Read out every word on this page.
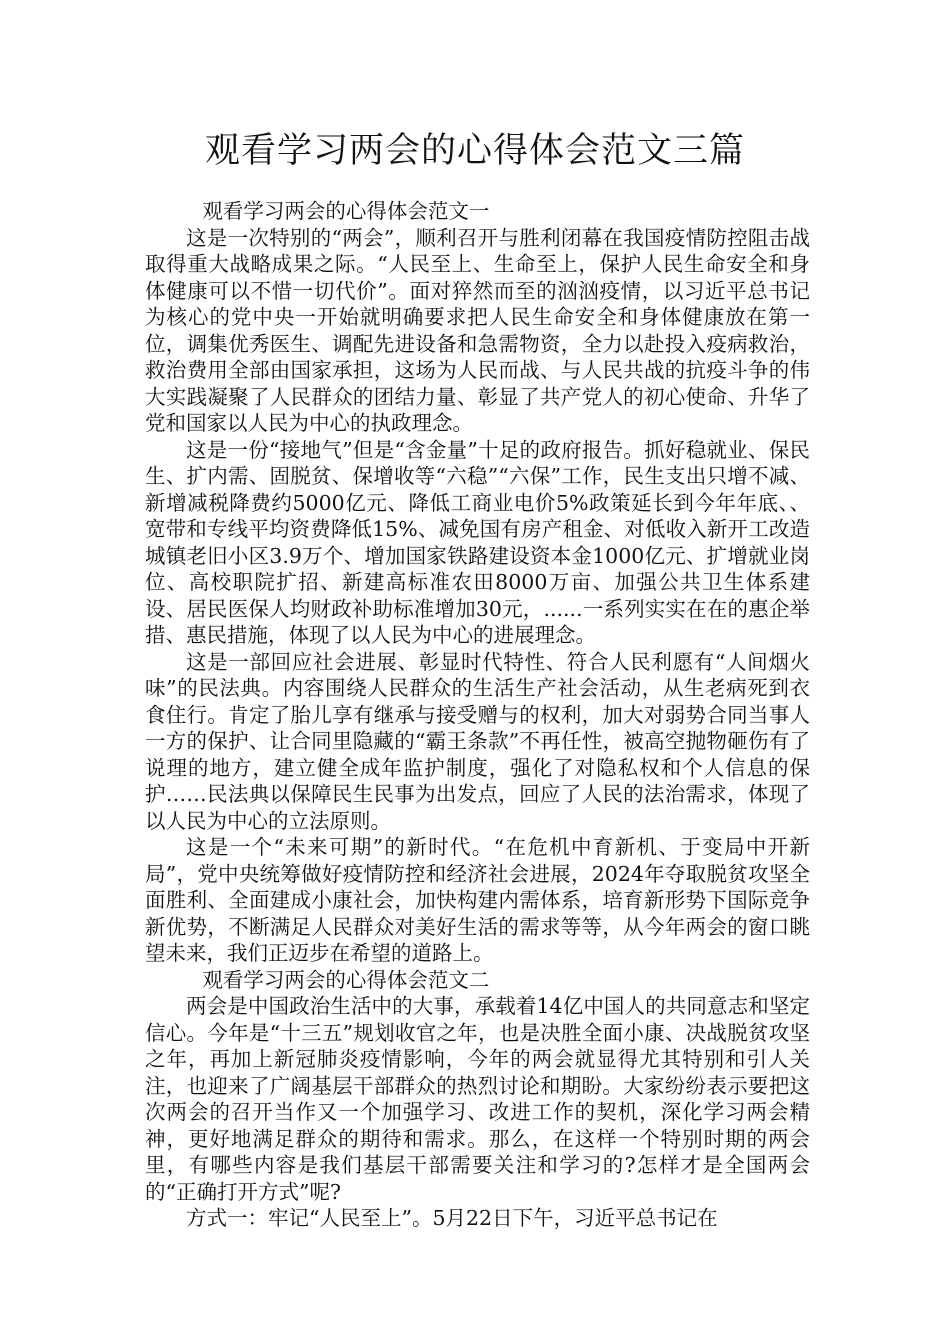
观看学习两会的心得体会范文三篇

观看学习两会的心得体会范文一

这是一次特别的“两会”，顺利召开与胜利闭幕在我国疫情防控阻击战取得重大战略成果之际。“人民至上、生命至上，保护人民生命安全和身体健康可以不惜一切代价”。面对猝然而至的汹汹疫情，以习近平总书记为核心的党中央一开始就明确要求把人民生命安全和身体健康放在第一位，调集优秀医生、调配先进设备和急需物资，全力以赴投入疫病救治，救治费用全部由国家承担，这场为人民而战、与人民共战的抗疫斗争的伟大实践凝聚了人民群众的团结力量、彰显了共产党人的初心使命、升华了党和国家以人民为中心的执政理念。

这是一份“接地气”但是“含金量”十足的政府报告。抓好稳就业、保民生、扩内需、固脱贫、保增收等“六稳”“六保”工作，民生支出只增不减、新增减税降费约5000亿元、降低工商业电价5%政策延长到今年年底、、宽带和专线平均资费降低15%、减免国有房产租金、对低收入新开工改造城镇老旧小区3.9万个、增加国家铁路建设资本金1000亿元、扩增就业岗位、高校职院扩招、新建高标准农田8000万亩、加强公共卫生体系建设、居民医保人均财政补助标准增加30元，......一系列实实在在的惠企举措、惠民措施，体现了以人民为中心的进展理念。

这是一部回应社会进展、彰显时代特性、符合人民利愿有“人间烟火味”的民法典。内容围绕人民群众的生活生产社会活动，从生老病死到衣食住行。肯定了胎儿享有继承与接受赠与的权利，加大对弱势合同当事人一方的保护、让合同里隐藏的“霸王条款”不再任性，被高空抛物砸伤有了说理的地方，建立健全成年监护制度，强化了对隐私权和个人信息的保护……民法典以保障民生民事为出发点，回应了人民的法治需求，体现了以人民为中心的立法原则。

这是一个“未来可期”的新时代。“在危机中育新机、于变局中开新局”，党中央统筹做好疫情防控和经济社会进展，2024年夺取脱贫攻坚全面胜利、全面建成小康社会，加快构建内需体系，培育新形势下国际竞争新优势，不断满足人民群众对美好生活的需求等等，从今年两会的窗口眺望未来，我们正迈步在希望的道路上。

观看学习两会的心得体会范文二

两会是中国政治生活中的大事，承载着14亿中国人的共同意志和坚定信心。今年是“十三五”规划收官之年，也是决胜全面小康、决战脱贫攻坚之年，再加上新冠肺炎疫情影响，今年的两会就显得尤其特别和引人关注，也迎来了广阔基层干部群众的热烈讨论和期盼。大家纷纷表示要把这次两会的召开当作又一个加强学习、改进工作的契机，深化学习两会精神，更好地满足群众的期待和需求。那么，在这样一个特别时期的两会里，有哪些内容是我们基层干部需要关注和学习的?怎样才是全国两会的“正确打开方式”呢?

方式一：牢记“人民至上”。5月22日下午，习近平总书记在
